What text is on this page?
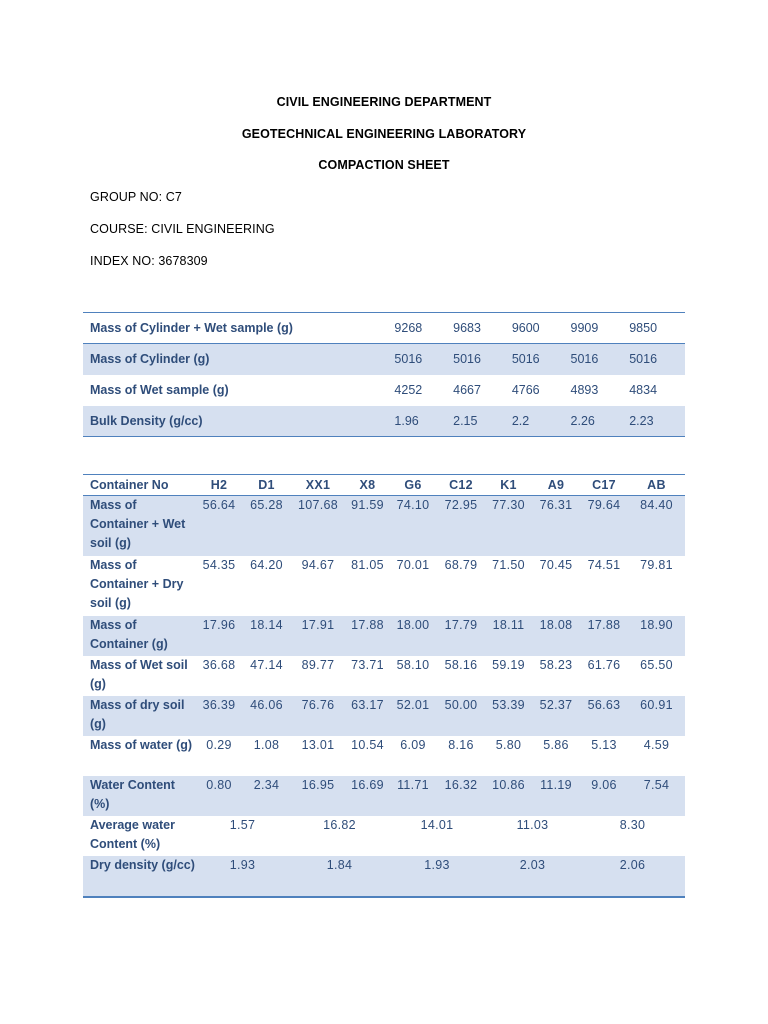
CIVIL ENGINEERING DEPARTMENT
GEOTECHNICAL ENGINEERING LABORATORY
COMPACTION SHEET
GROUP NO: C7
COURSE: CIVIL ENGINEERING
INDEX NO: 3678309
Mass of Cylinder + Wet sample (g)	9268	9683	9600	9909	9850
Mass of Cylinder (g)	5016	5016	5016	5016	5016
Mass of Wet sample (g)	4252	4667	4766	4893	4834
Bulk Density (g/cc)	1.96	2.15	2.2	2.26	2.23
Container No	H2	D1	XX1	X8	G6	C12	K1	A9	C17	AB
Mass of Container + Wet soil (g)	56.64	65.28	107.68	91.59	74.10	72.95	77.30	76.31	79.64	84.40
Mass of Container + Dry soil (g)	54.35	64.20	94.67	81.05	70.01	68.79	71.50	70.45	74.51	79.81
Mass of Container (g)	17.96	18.14	17.91	17.88	18.00	17.79	18.11	18.08	17.88	18.90
Mass of Wet soil (g)	36.68	47.14	89.77	73.71	58.10	58.16	59.19	58.23	61.76	65.50
Mass of dry soil (g)	36.39	46.06	76.76	63.17	52.01	50.00	53.39	52.37	56.63	60.91
Mass of water (g)	0.29	1.08	13.01	10.54	6.09	8.16	5.80	5.86	5.13	4.59
Water Content (%)	0.80	2.34	16.95	16.69	11.71	16.32	10.86	11.19	9.06	7.54
Average water Content (%)	1.57		16.82		14.01		11.03		8.30	
Dry density (g/cc)	1.93		1.84		1.93		2.03		2.06	
